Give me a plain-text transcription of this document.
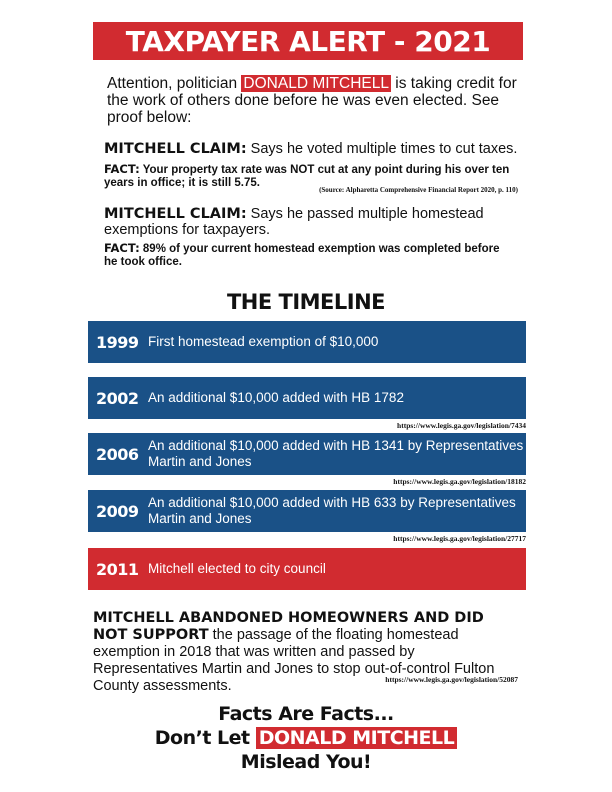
TAXPAYER ALERT - 2021
Attention, politician DONALD MITCHELL is taking credit for the work of others done before he was even elected. See proof below:
MITCHELL CLAIM: Says he voted multiple times to cut taxes.
FACT: Your property tax rate was NOT cut at any point during his over ten years in office; it is still 5.75.
(Source: Alpharetta Comprehensive Financial Report 2020, p. 110)
MITCHELL CLAIM: Says he passed multiple homestead exemptions for taxpayers.
FACT: 89% of your current homestead exemption was completed before he took office.
THE TIMELINE
1999 First homestead exemption of $10,000
2002 An additional $10,000 added with HB 1782
https://www.legis.ga.gov/legislation/7434
2006 An additional $10,000 added with HB 1341 by Representatives Martin and Jones
https://www.legis.ga.gov/legislation/18182
2009 An additional $10,000 added with HB 633 by Representatives Martin and Jones
https://www.legis.ga.gov/legislation/27717
2011 Mitchell elected to city council
MITCHELL ABANDONED HOMEOWNERS AND DID NOT SUPPORT the passage of the floating homestead exemption in 2018 that was written and passed by Representatives Martin and Jones to stop out-of-control Fulton County assessments.	https://www.legis.ga.gov/legislation/52087
Facts Are Facts...
Don’t Let DONALD MITCHELL
Mislead You!
